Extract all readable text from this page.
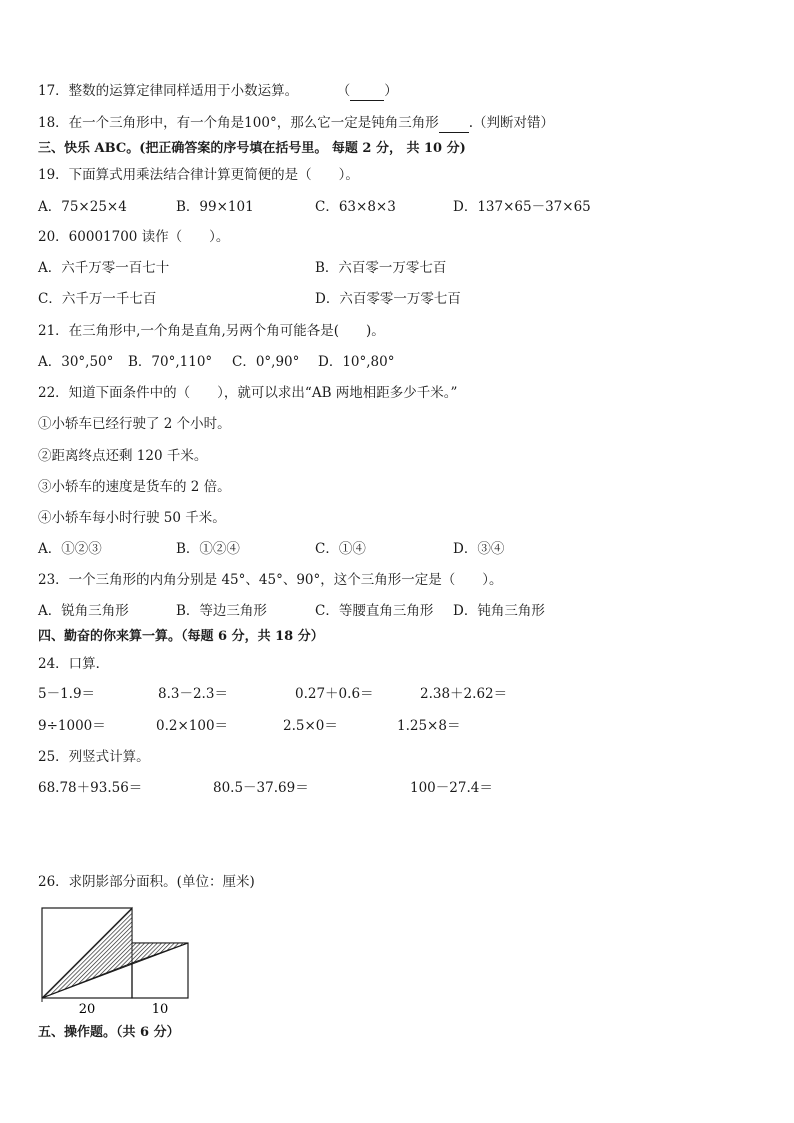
17．整数的运算定律同样适用于小数运算。	（	）
18．在一个三角形中，有一个角是100°，那么它一定是钝角三角形 .（判断对错）
三、快乐 ABC。(把正确答案的序号填在括号里。 每题 2 分， 共 10 分)
19．下面算式用乘法结合律计算更简便的是（　　）。
A．75×25×4	B．99×101	C．63×8×3	D．137×65－37×65
20．60001700 读作（　　）。
A．六千万零一百七十	B．六百零一万零七百
C．六千万一千七百	D．六百零零一万零七百
21．在三角形中,一个角是直角,另两个角可能各是(　　)。
A．30°,50° B．70°,110° C．0°,90° D．10°,80°
22．知道下面条件中的（　　），就可以求出“AB 两地相距多少千米。”
①小轿车已经行驶了 2 个小时。
②距离终点还剩 120 千米。
③小轿车的速度是货车的 2 倍。
④小轿车每小时行驶 50 千米。
A．①②③	B．①②④	C．①④	D．③④
23．一个三角形的内角分别是 45°、45°、90°，这个三角形一定是（　　）。
A．锐角三角形	B．等边三角形	C．等腰直角三角形 D．钝角三角形
四、勤奋的你来算一算。（每题 6 分，共 18 分）
24．口算．
5－1.9＝	8.3－2.3＝	0.27＋0.6＝	2.38＋2.62＝
9÷1000＝	0.2×100＝	2.5×0＝	1.25×8＝
25．列竖式计算。
68.78＋93.56＝	80.5－37.69＝	100－27.4＝
26．求阴影部分面积。(单位：厘米)
20	10
五、操作题。（共 6 分）
